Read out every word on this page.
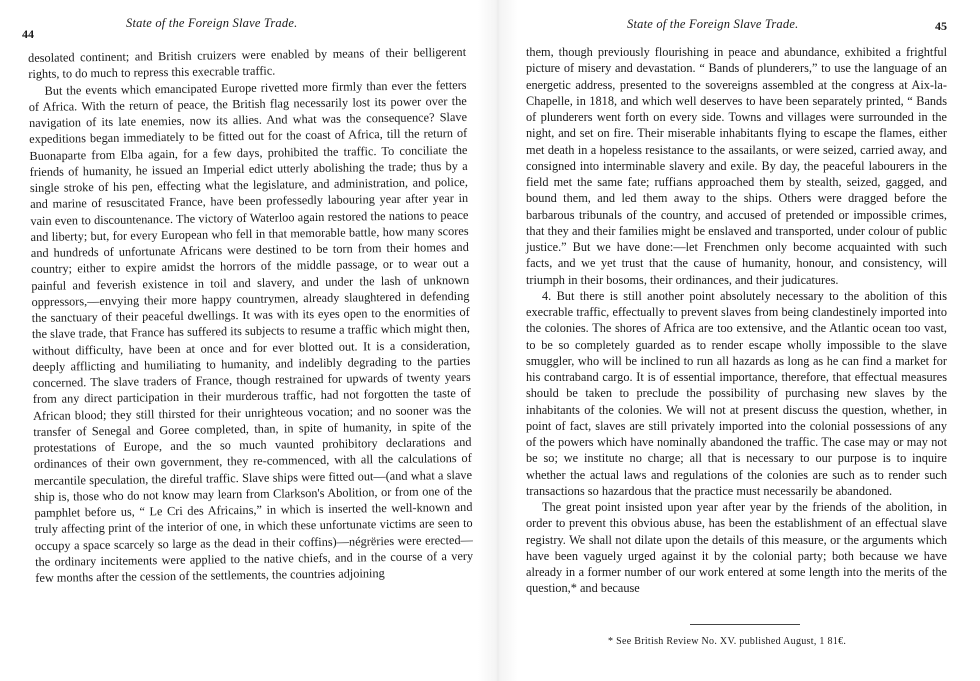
44
State of the Foreign Slave Trade.

desolated continent; and British cruizers were enabled by means of their belligerent rights, to do much to repress this execrable traffic.

But the events which emancipated Europe rivetted more firmly than ever the fetters of Africa. With the return of peace, the British flag necessarily lost its power over the navigation of its late enemies, now its allies. And what was the consequence? Slave expeditions began immediately to be fitted out for the coast of Africa, till the return of Buonaparte from Elba again, for a few days, prohibited the traffic. To conciliate the friends of humanity, he issued an Imperial edict utterly abolishing the trade; thus by a single stroke of his pen, effecting what the legislature, and administration, and police, and marine of resuscitated France, have been professedly labouring year after year in vain even to discountenance. The victory of Waterloo again restored the nations to peace and liberty; but, for every European who fell in that memorable battle, how many scores and hundreds of unfortunate Africans were destined to be torn from their homes and country; either to expire amidst the horrors of the middle passage, or to wear out a painful and feverish existence in toil and slavery, and under the lash of unknown oppressors,—envying their more happy countrymen, already slaughtered in defending the sanctuary of their peaceful dwellings. It was with its eyes open to the enormities of the slave trade, that France has suffered its subjects to resume a traffic which might then, without difficulty, have been at once and for ever blotted out. It is a consideration, deeply afflicting and humiliating to humanity, and indelibly degrading to the parties concerned. The slave traders of France, though restrained for upwards of twenty years from any direct participation in their murderous traffic, had not forgotten the taste of African blood; they still thirsted for their unrighteous vocation; and no sooner was the transfer of Senegal and Goree completed, than, in spite of humanity, in spite of the protestations of Europe, and the so much vaunted prohibitory declarations and ordinances of their own government, they re-commenced, with all the calculations of mercantile speculation, the direful traffic. Slave ships were fitted out—(and what a slave ship is, those who do not know may learn from Clarkson's Abolition, or from one of the pamphlet before us, “ Le Cri des Africains,” in which is inserted the well-known and truly affecting print of the interior of one, in which these unfortunate victims are seen to occupy a space scarcely so large as the dead in their coffins)—négrëries were erected—the ordinary incitements were applied to the native chiefs, and in the course of a very few months after the cession of the settlements, the countries adjoining

State of the Foreign Slave Trade.	45

them, though previously flourishing in peace and abundance, exhibited a frightful picture of misery and devastation. “ Bands of plunderers,” to use the language of an energetic address, presented to the sovereigns assembled at the congress at Aix-la-Chapelle, in 1818, and which well deserves to have been separately printed, “ Bands of plunderers went forth on every side. Towns and villages were surrounded in the night, and set on fire. Their miserable inhabitants flying to escape the flames, either met death in a hopeless resistance to the assailants, or were seized, carried away, and consigned into interminable slavery and exile. By day, the peaceful labourers in the field met the same fate; ruffians approached them by stealth, seized, gagged, and bound them, and led them away to the ships. Others were dragged before the barbarous tribunals of the country, and accused of pretended or impossible crimes, that they and their families might be enslaved and transported, under colour of public justice.” But we have done:—let Frenchmen only become acquainted with such facts, and we yet trust that the cause of humanity, honour, and consistency, will triumph in their bosoms, their ordinances, and their judicatures.

4. But there is still another point absolutely necessary to the abolition of this execrable traffic, effectually to prevent slaves from being clandestinely imported into the colonies. The shores of Africa are too extensive, and the Atlantic ocean too vast, to be so completely guarded as to render escape wholly impossible to the slave smuggler, who will be inclined to run all hazards as long as he can find a market for his contraband cargo. It is of essential importance, therefore, that effectual measures should be taken to preclude the possibility of purchasing new slaves by the inhabitants of the colonies. We will not at present discuss the question, whether, in point of fact, slaves are still privately imported into the colonial possessions of any of the powers which have nominally abandoned the traffic. The case may or may not be so; we institute no charge; all that is necessary to our purpose is to inquire whether the actual laws and regulations of the colonies are such as to render such transactions so hazardous that the practice must necessarily be abandoned.

The great point insisted upon year after year by the friends of the abolition, in order to prevent this obvious abuse, has been the establishment of an effectual slave registry. We shall not dilate upon the details of this measure, or the arguments which have been vaguely urged against it by the colonial party; both because we have already in a former number of our work entered at some length into the merits of the question,* and because

* See British Review No. XV. published August, 1 81€.
